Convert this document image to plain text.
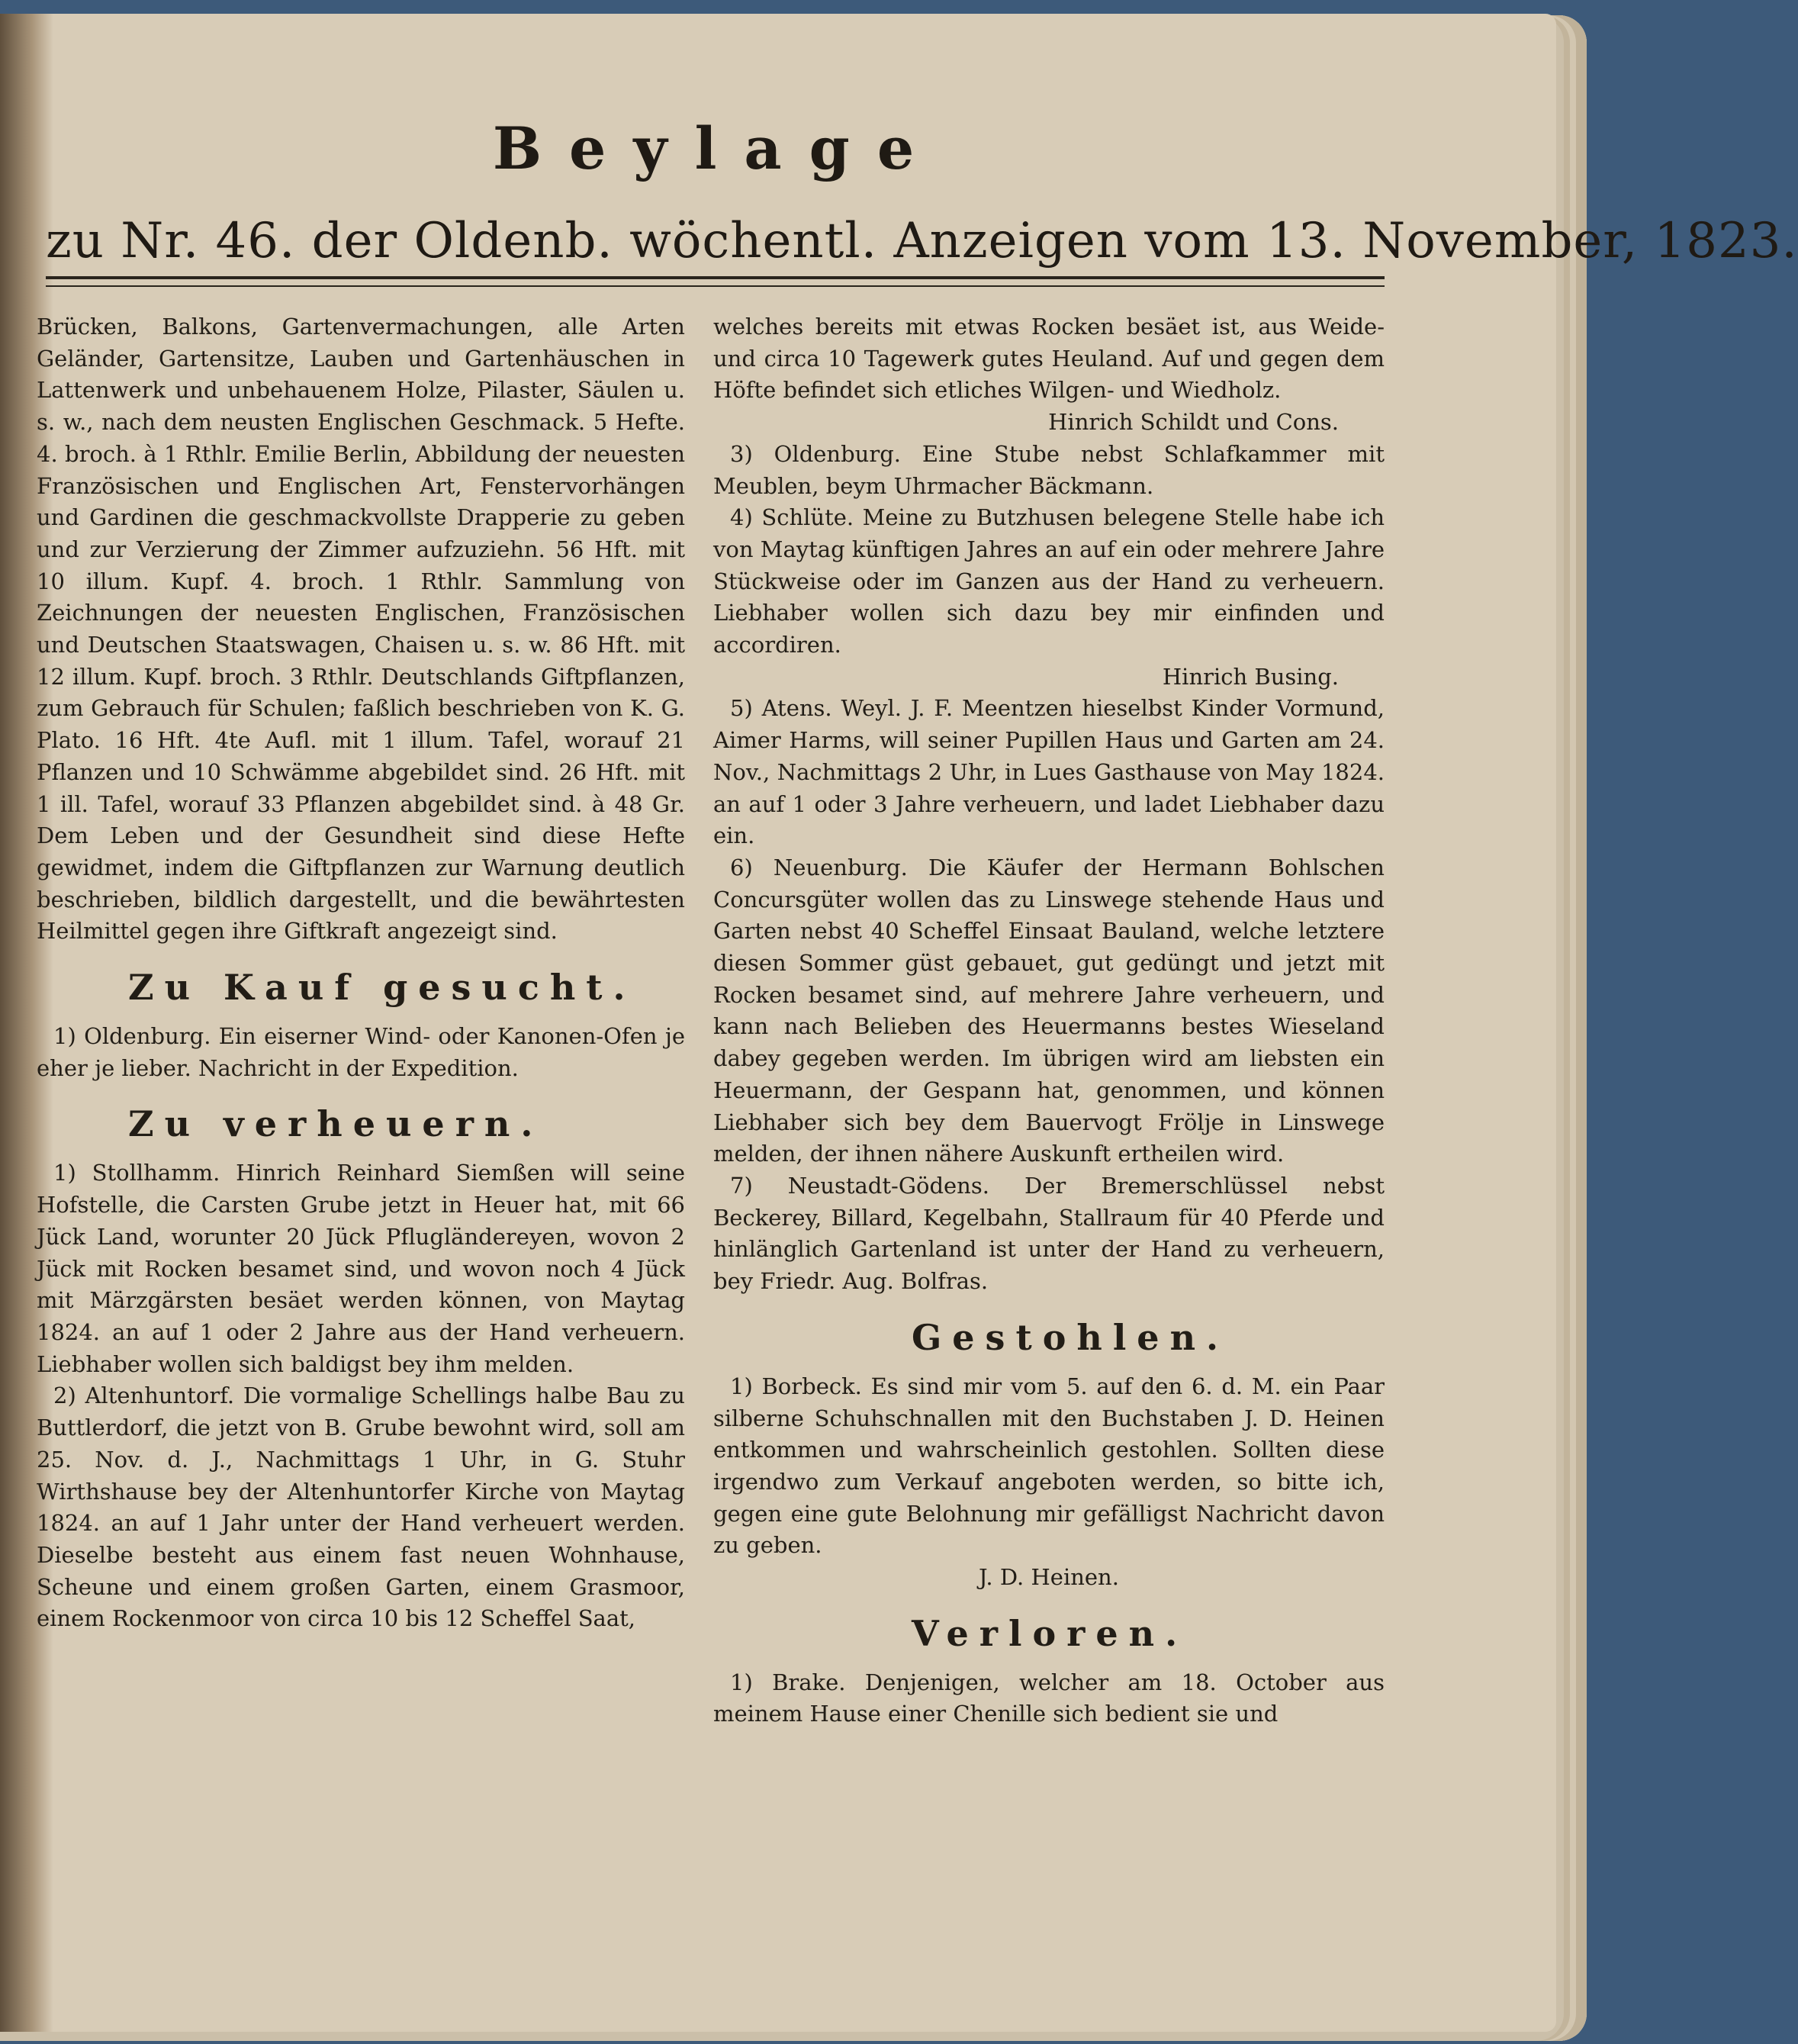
Beylage
zu Nr. 46. der Oldenb. wöchentl. Anzeigen vom 13. November, 1823.

Brücken, Balkons, Gartenvermachungen, alle Arten Geländer, Gartensitze, Lauben und Gartenhäuschen in Lattenwerk und unbehauenem Holze, Pilaster, Säulen u. s. w., nach dem neusten Englischen Geschmack. 5 Hefte. 4. broch. à 1 Rthlr. Emilie Berlin, Abbildung der neuesten Französischen und Englischen Art, Fenstervorhängen und Gardinen die geschmackvollste Drapperie zu geben und zur Verzierung der Zimmer aufzuziehn. 56 Hft. mit 10 illum. Kupf. 4. broch. 1 Rthlr. Sammlung von Zeichnungen der neuesten Englischen, Französischen und Deutschen Staatswagen, Chaisen u. s. w. 86 Hft. mit 12 illum. Kupf. broch. 3 Rthlr. Deutschlands Giftpflanzen, zum Gebrauch für Schulen; faßlich beschrieben von K. G. Plato. 16 Hft. 4te Aufl. mit 1 illum. Tafel, worauf 21 Pflanzen und 10 Schwämme abgebildet sind. 26 Hft. mit 1 ill. Tafel, worauf 33 Pflanzen abgebildet sind. à 48 Gr. Dem Leben und der Gesundheit sind diese Hefte gewidmet, indem die Giftpflanzen zur Warnung deutlich beschrieben, bildlich dargestellt, und die bewährtesten Heilmittel gegen ihre Giftkraft angezeigt sind.

Zu Kauf gesucht.

1) Oldenburg. Ein eiserner Wind- oder Kanonen-Ofen je eher je lieber. Nachricht in der Expedition.

Zu verheuern.

1) Stollhamm. Hinrich Reinhard Siemßen will seine Hofstelle, die Carsten Grube jetzt in Heuer hat, mit 66 Jück Land, worunter 20 Jück Pflugländereyen, wovon 2 Jück mit Rocken besamet sind, und wovon noch 4 Jück mit Märzgärsten besäet werden können, von Maytag 1824. an auf 1 oder 2 Jahre aus der Hand verheuern. Liebhaber wollen sich baldigst bey ihm melden.

2) Altenhuntorf. Die vormalige Schellings halbe Bau zu Buttlerdorf, die jetzt von B. Grube bewohnt wird, soll am 25. Nov. d. J., Nachmittags 1 Uhr, in G. Stuhr Wirthshause bey der Altenhuntorfer Kirche von Maytag 1824. an auf 1 Jahr unter der Hand verheuert werden. Dieselbe besteht aus einem fast neuen Wohnhause, Scheune und einem großen Garten, einem Grasmoor, einem Rockenmoor von circa 10 bis 12 Scheffel Saat,

welches bereits mit etwas Rocken besäet ist, aus Weide- und circa 10 Tagewerk gutes Heuland. Auf und gegen dem Höfte befindet sich etliches Wilgen- und Wiedholz.

Hinrich Schildt und Cons.

3) Oldenburg. Eine Stube nebst Schlafkammer mit Meublen, beym Uhrmacher Bäckmann.

4) Schlüte. Meine zu Butzhusen belegene Stelle habe ich von Maytag künftigen Jahres an auf ein oder mehrere Jahre Stückweise oder im Ganzen aus der Hand zu verheuern. Liebhaber wollen sich dazu bey mir einfinden und accordiren.

Hinrich Busing.

5) Atens. Weyl. J. F. Meentzen hieselbst Kinder Vormund, Aimer Harms, will seiner Pupillen Haus und Garten am 24. Nov., Nachmittags 2 Uhr, in Lues Gasthause von May 1824. an auf 1 oder 3 Jahre verheuern, und ladet Liebhaber dazu ein.

6) Neuenburg. Die Käufer der Hermann Bohlschen Concursgüter wollen das zu Linswege stehende Haus und Garten nebst 40 Scheffel Einsaat Bauland, welche letztere diesen Sommer güst gebauet, gut gedüngt und jetzt mit Rocken besamet sind, auf mehrere Jahre verheuern, und kann nach Belieben des Heuermanns bestes Wieseland dabey gegeben werden. Im übrigen wird am liebsten ein Heuermann, der Gespann hat, genommen, und können Liebhaber sich bey dem Bauervogt Frölje in Linswege melden, der ihnen nähere Auskunft ertheilen wird.

7) Neustadt-Gödens. Der Bremerschlüssel nebst Beckerey, Billard, Kegelbahn, Stallraum für 40 Pferde und hinlänglich Gartenland ist unter der Hand zu verheuern, bey Friedr. Aug. Bolfras.

Gestohlen.

1) Borbeck. Es sind mir vom 5. auf den 6. d. M. ein Paar silberne Schuhschnallen mit den Buchstaben J. D. Heinen entkommen und wahrscheinlich gestohlen. Sollten diese irgendwo zum Verkauf angeboten werden, so bitte ich, gegen eine gute Belohnung mir gefälligst Nachricht davon zu geben.

J. D. Heinen.

Verloren.

1) Brake. Denjenigen, welcher am 18. October aus meinem Hause einer Chenille sich bedient sie und
